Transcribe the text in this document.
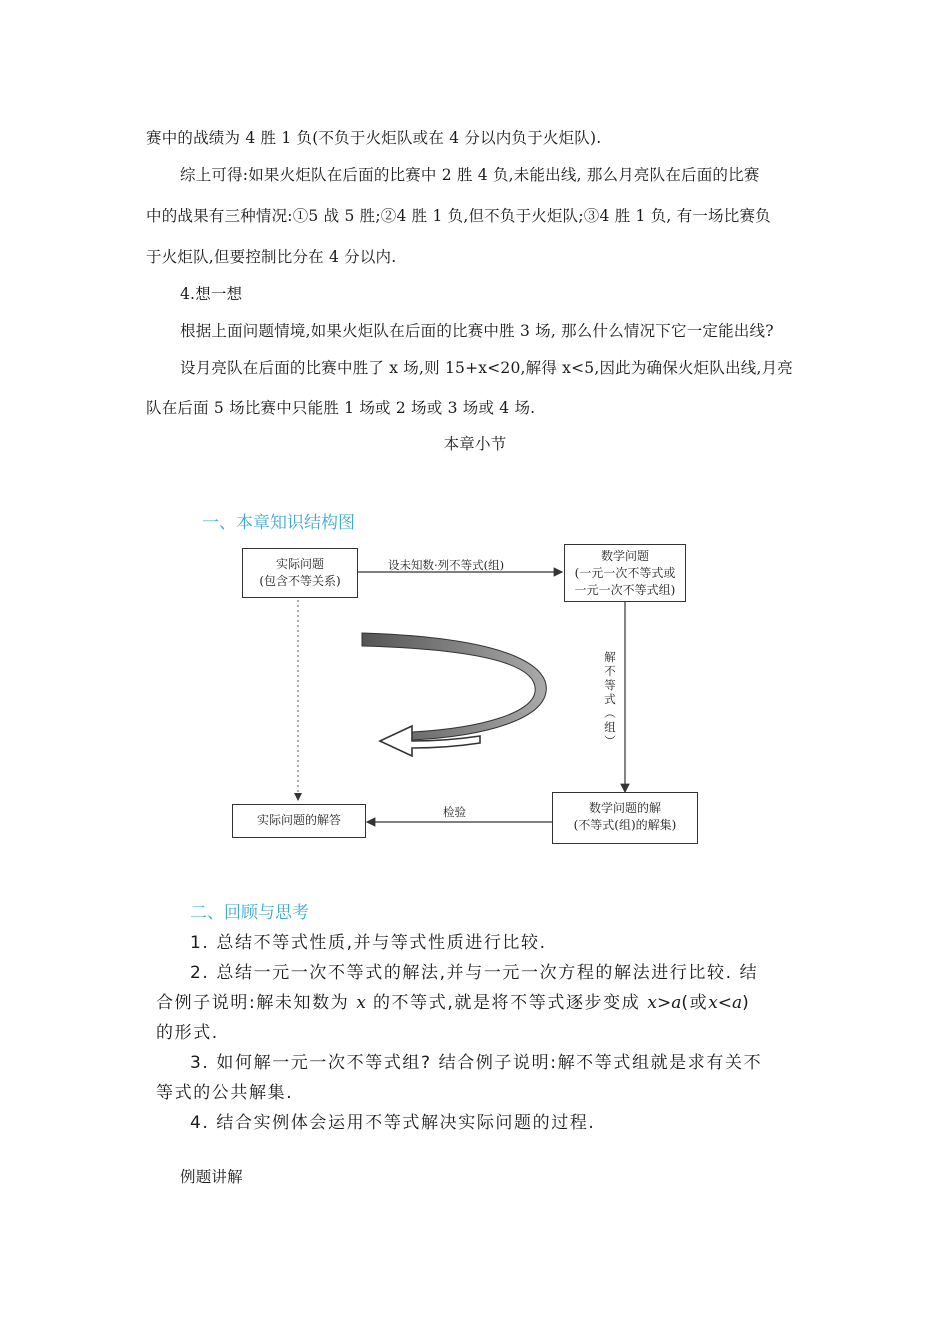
赛中的战绩为 4 胜 1 负(不负于火炬队或在 4 分以内负于火炬队).
综上可得:如果火炬队在后面的比赛中 2 胜 4 负,未能出线, 那么月亮队在后面的比赛
中的战果有三种情况:①5 战 5 胜;②4 胜 1 负,但不负于火炬队;③4 胜 1 负, 有一场比赛负
于火炬队,但要控制比分在 4 分以内.
4.想一想
根据上面问题情境,如果火炬队在后面的比赛中胜 3 场, 那么什么情况下它一定能出线?
设月亮队在后面的比赛中胜了 x 场,则 15+x<20,解得 x<5,因此为确保火炬队出线,月亮
队在后面 5 场比赛中只能胜 1 场或 2 场或 3 场或 4 场.
本章小节
一、本章知识结构图
实际问题
(包含不等关系)
数学问题
(一元一次不等式或
一元一次不等式组)
实际问题的解答
数学问题的解
(不等式(组)的解集)
设未知数·列不等式(组)
检验
解
不
等
式
︵
组
︶
二、回顾与思考
1. 总结不等式性质,并与等式性质进行比较.
2. 总结一元一次不等式的解法,并与一元一次方程的解法进行比较. 结
合例子说明:解未知数为 x 的不等式,就是将不等式逐步变成 x>a(或x<a)
的形式.
3. 如何解一元一次不等式组? 结合例子说明:解不等式组就是求有关不
等式的公共解集.
4. 结合实例体会运用不等式解决实际问题的过程.
例题讲解
